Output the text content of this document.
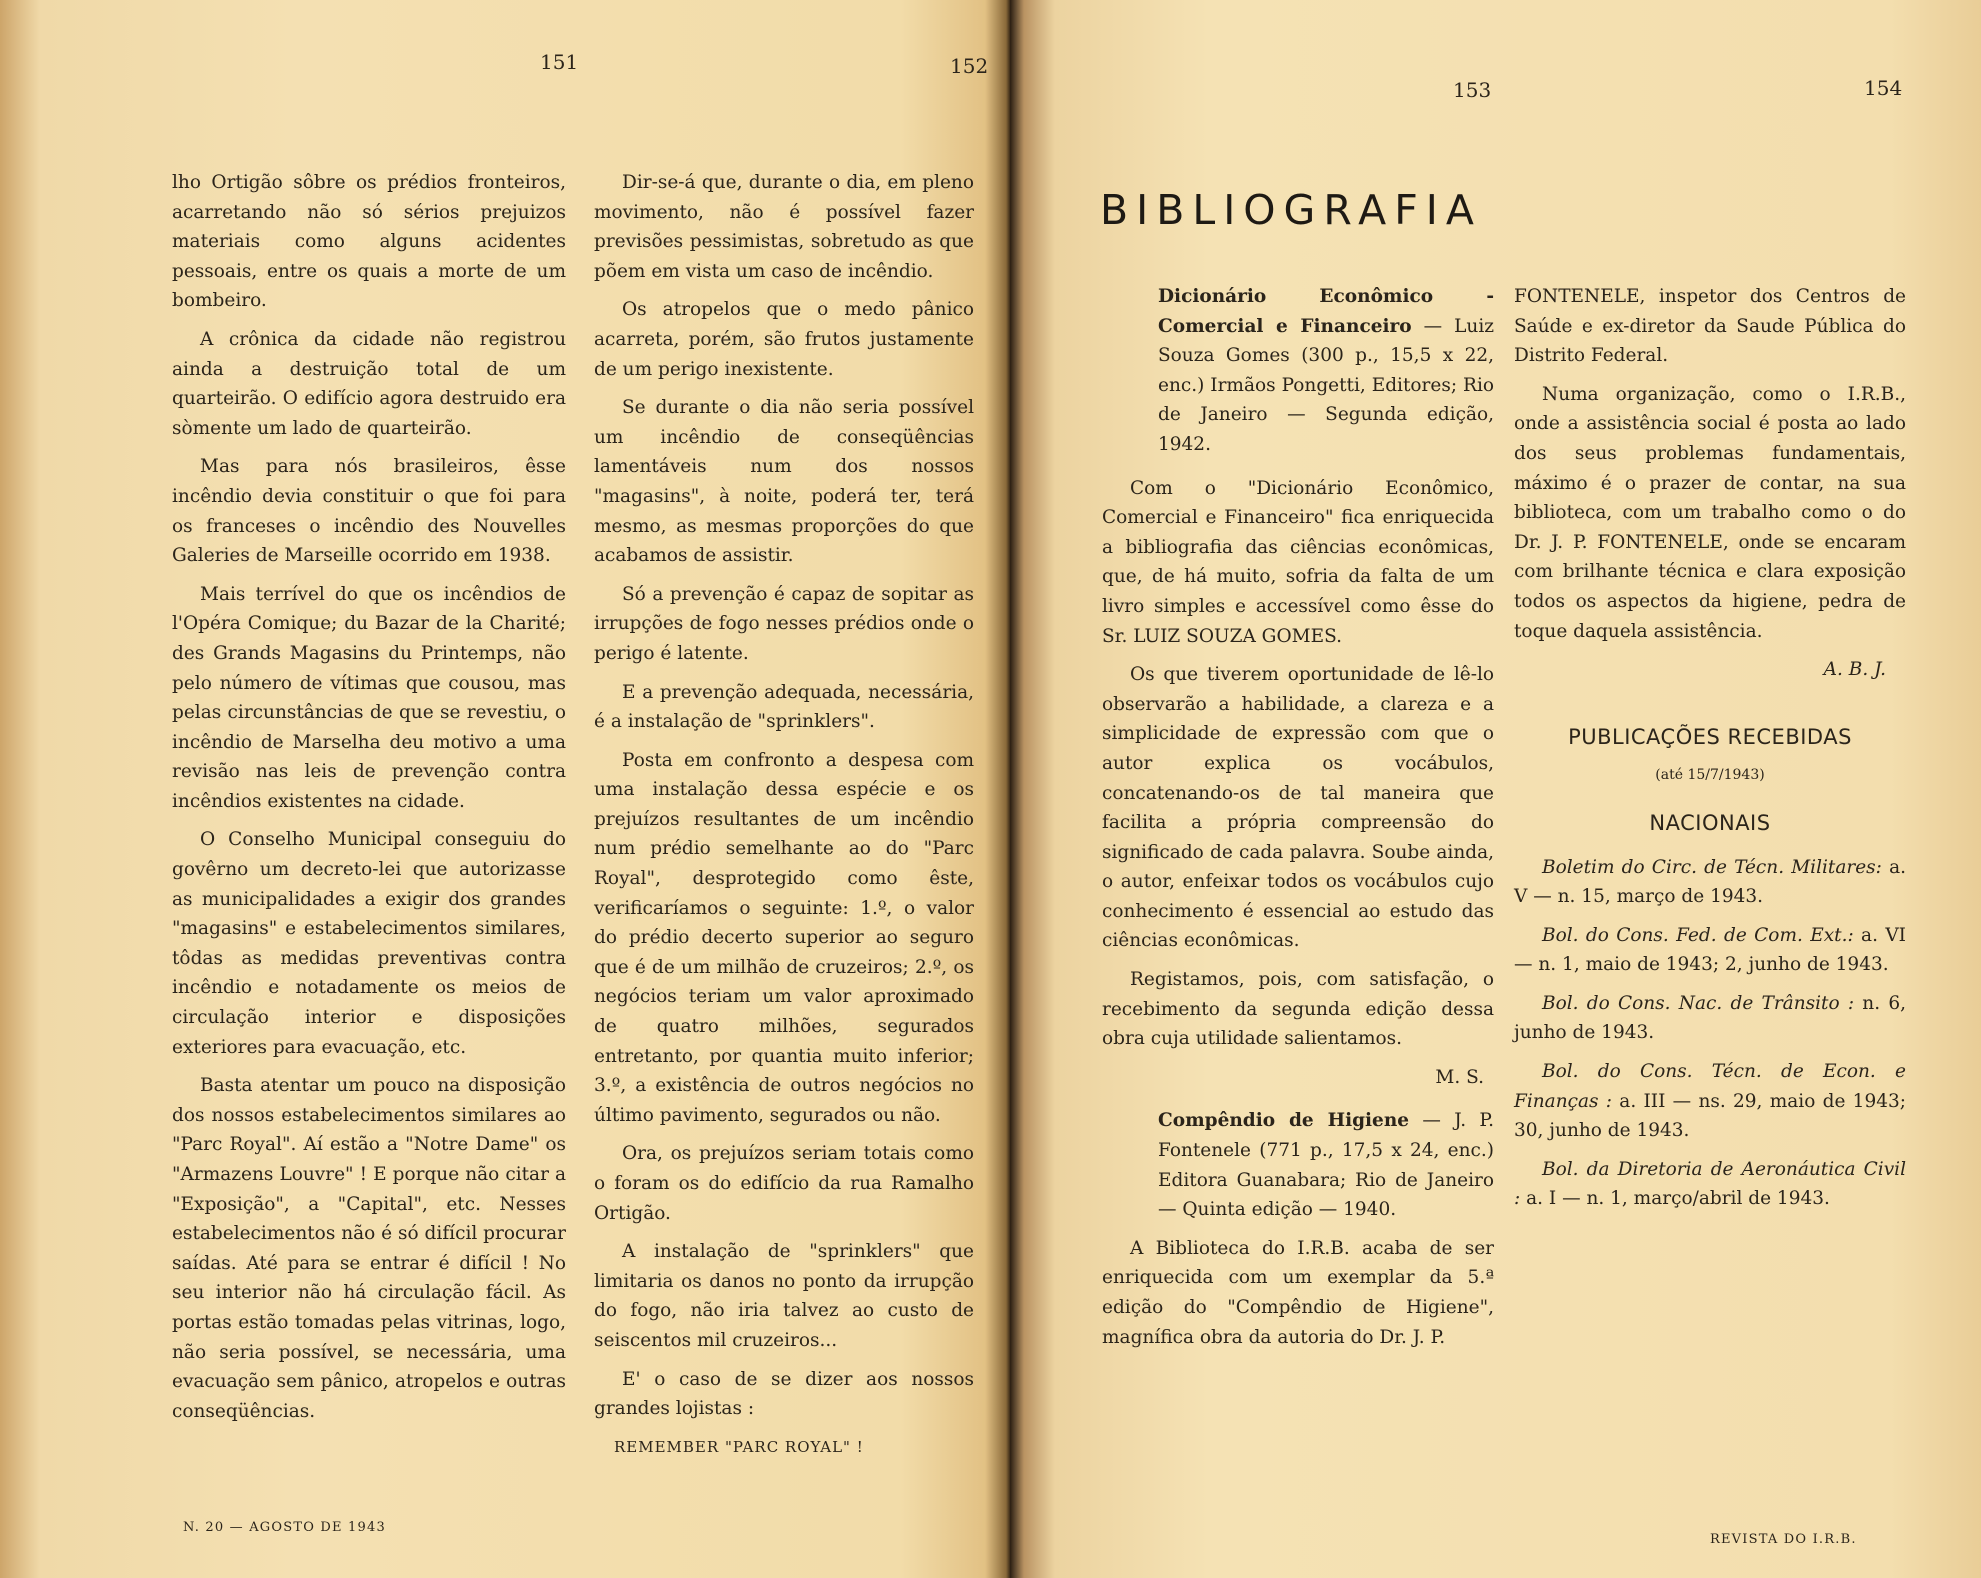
151	152

lho Ortigão sôbre os prédios fronteiros, acarretando não só sérios prejuizos materiais como alguns acidentes pessoais, entre os quais a morte de um bombeiro.

A crônica da cidade não registrou ainda a destruição total de um quarteirão. O edifício agora destruido era sòmente um lado de quarteirão.

Mas para nós brasileiros, êsse incêndio devia constituir o que foi para os franceses o incêndio des Nouvelles Galeries de Marseille ocorrido em 1938.

Mais terrível do que os incêndios de l'Opéra Comique; du Bazar de la Charité; des Grands Magasins du Printemps, não pelo número de vítimas que cousou, mas pelas circunstâncias de que se revestiu, o incêndio de Marselha deu motivo a uma revisão nas leis de prevenção contra incêndios existentes na cidade.

O Conselho Municipal conseguiu do govêrno um decreto-lei que autorizasse as municipalidades a exigir dos grandes "magasins" e estabelecimentos similares, tôdas as medidas preventivas contra incêndio e notadamente os meios de circulação interior e disposições exteriores para evacuação, etc.

Basta atentar um pouco na disposição dos nossos estabelecimentos similares ao "Parc Royal". Aí estão a "Notre Dame" os "Armazens Louvre" ! E porque não citar a "Exposição", a "Capital", etc. Nesses estabelecimentos não é só difícil procurar saídas. Até para se entrar é difícil ! No seu interior não há circulação fácil. As portas estão tomadas pelas vitrinas, logo, não seria possível, se necessária, uma evacuação sem pânico, atropelos e outras conseqüências.

Dir-se-á que, durante o dia, em pleno movimento, não é possível fazer previsões pessimistas, sobretudo as que põem em vista um caso de incêndio.

Os atropelos que o medo pânico acarreta, porém, são frutos justamente de um perigo inexistente.

Se durante o dia não seria possível um incêndio de conseqüências lamentáveis num dos nossos "magasins", à noite, poderá ter, terá mesmo, as mesmas proporções do que acabamos de assistir.

Só a prevenção é capaz de sopitar as irrupções de fogo nesses prédios onde o perigo é latente.

E a prevenção adequada, necessária, é a instalação de "sprinklers".

Posta em confronto a despesa com uma instalação dessa espécie e os prejuízos resultantes de um incêndio num prédio semelhante ao do "Parc Royal", desprotegido como êste, verificaríamos o seguinte: 1.º, o valor do prédio decerto superior ao seguro que é de um milhão de cruzeiros; 2.º, os negócios teriam um valor aproximado de quatro milhões, segurados entretanto, por quantia muito inferior; 3.º, a existência de outros negócios no último pavimento, segurados ou não.

Ora, os prejuízos seriam totais como o foram os do edifício da rua Ramalho Ortigão.

A instalação de "sprinklers" que limitaria os danos no ponto da irrupção do fogo, não iria talvez ao custo de seiscentos mil cruzeiros...

E' o caso de se dizer aos nossos grandes lojistas :

REMEMBER "PARC ROYAL" !

N. 20 — AGOSTO DE 1943
153	154
BIBLIOGRAFIA

Dicionário Econômico - Comercial e Financeiro — Luiz Souza Gomes (300 p., 15,5 x 22, enc.) Irmãos Pongetti, Editores; Rio de Janeiro — Segunda edição, 1942.

Com o "Dicionário Econômico, Comercial e Financeiro" fica enriquecida a bibliografia das ciências econômicas, que, de há muito, sofria da falta de um livro simples e accessível como êsse do Sr. LUIZ SOUZA GOMES.

Os que tiverem oportunidade de lê-lo observarão a habilidade, a clareza e a simplicidade de expressão com que o autor explica os vocábulos, concatenando-os de tal maneira que facilita a própria compreensão do significado de cada palavra. Soube ainda, o autor, enfeixar todos os vocábulos cujo conhecimento é essencial ao estudo das ciências econômicas.

Registamos, pois, com satisfação, o recebimento da segunda edição dessa obra cuja utilidade salientamos.

M. S.

Compêndio de Higiene — J. P. Fontenele (771 p., 17,5 x 24, enc.) Editora Guanabara; Rio de Janeiro — Quinta edição — 1940.

A Biblioteca do I.R.B. acaba de ser enriquecida com um exemplar da 5.ª edição do "Compêndio de Higiene", magnífica obra da autoria do Dr. J. P.

FONTENELE, inspetor dos Centros de Saúde e ex-diretor da Saude Pública do Distrito Federal.

Numa organização, como o I.R.B., onde a assistência social é posta ao lado dos seus problemas fundamentais, máximo é o prazer de contar, na sua biblioteca, com um trabalho como o do Dr. J. P. FONTENELE, onde se encaram com brilhante técnica e clara exposição todos os aspectos da higiene, pedra de toque daquela assistência.

A. B. J.

PUBLICAÇÕES RECEBIDAS

(até 15/7/1943)

NACIONAIS

Boletim do Circ. de Técn. Militares: a. V — n. 15, março de 1943.

Bol. do Cons. Fed. de Com. Ext.: a. VI — n. 1, maio de 1943; 2, junho de 1943.

Bol. do Cons. Nac. de Trânsito : n. 6, junho de 1943.

Bol. do Cons. Técn. de Econ. e Finanças : a. III — ns. 29, maio de 1943; 30, junho de 1943.

Bol. da Diretoria de Aeronáutica Civil : a. I — n. 1, março/abril de 1943.

REVISTA DO I.R.B.
